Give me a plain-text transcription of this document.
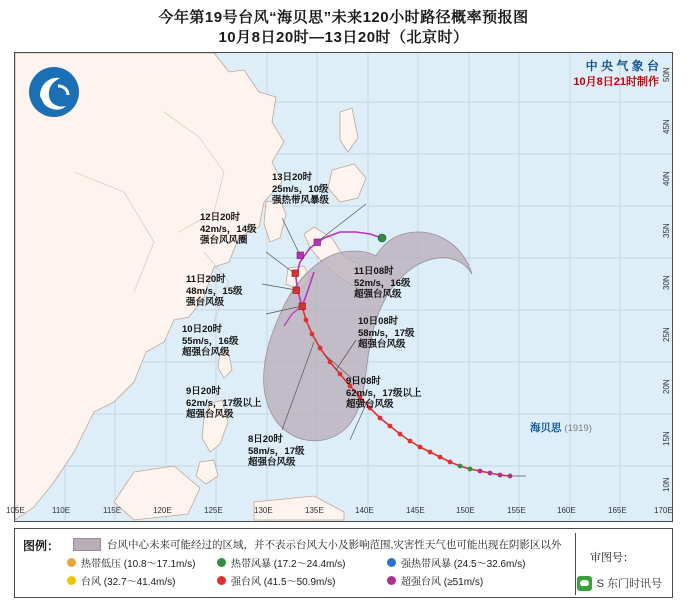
今年第19号台风“海贝思”未来120小时路径概率预报图
10月8日20时—13日20时（北京时）
中 央 气 象 台
10月8日21时制作
13日20时
25m/s，10级
强热带风暴级
12日20时
42m/s，14级
强台风风圈
11日20时
48m/s，15级
强台风级
10日20时
55m/s，16级
超强台风级
9日20时
62m/s，17级以上
超强台风级
8日20时
58m/s，17级
超强台风级
11日08时
52m/s，16级
超强台风级
10日08时
58m/s，17级
超强台风级
9日08时
62m/s，17级以上
超强台风级
海贝思 (1919)
105E	110E	115E	120E	125E	130E	135E	140E	145E	150E	155E	160E	165E	170E
50N
45N
40N
35N
30N
25N
20N
15N
10N
图例：	台风中心未来可能经过的区域，并不表示台风大小及影响范围,灾害性天气也可能出现在阴影区以外
热带低压 (10.8～17.1m/s)	热带风暴 (17.2～24.4m/s)	强热带风暴 (24.5～32.6m/s)
台风 (32.7～41.4m/s)	强台风 (41.5～50.9m/s)	超强台风 (≥51m/s)
审图号：
S 东门时讯号
